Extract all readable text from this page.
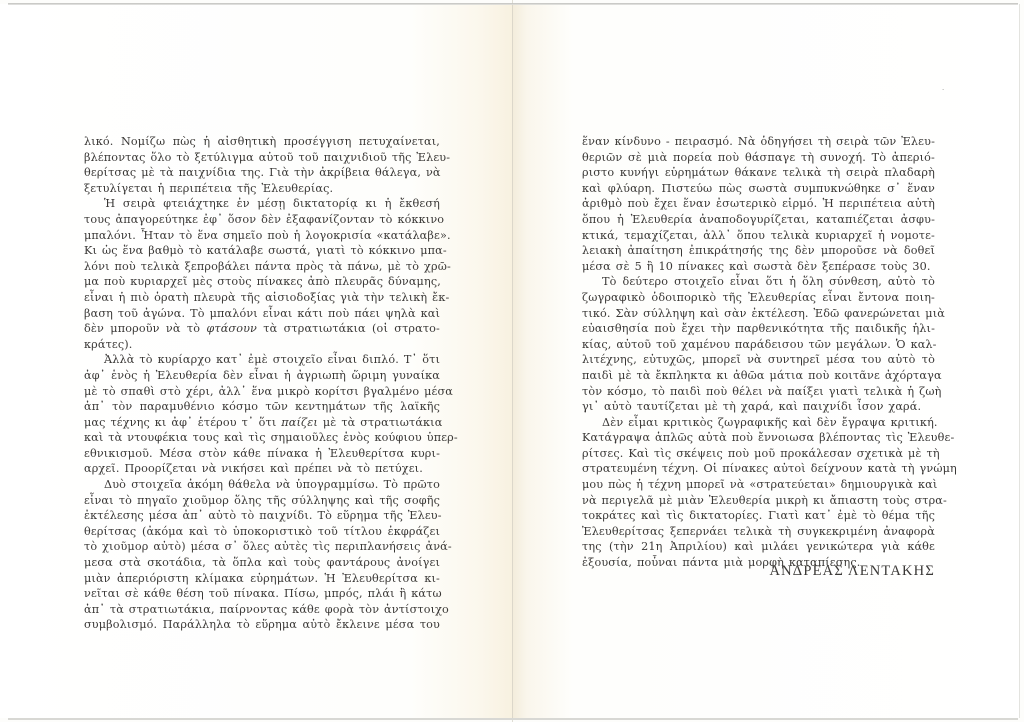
·
λικό. Νομίζω πὼς ἡ αἰσθητικὴ προσέγγιση πετυχαίνεται,
βλέποντας ὅλο τὸ ξετύλιγμα αὐτοῦ τοῦ παιχνιδιοῦ τῆς Ἐλευ-
θερίτσας μὲ τὰ παιχνίδια της. Γιὰ τὴν ἀκρίβεια θάλεγα, νὰ
ξετυλίγεται ἡ περιπέτεια τῆς Ἐλευθερίας.
Ἡ σειρὰ φτειάχτηκε ἐν μέσῃ δικτατορίᾳ κι ἡ ἔκθεσή
τους ἀπαγορεύτηκε ἐφ᾿ ὅσον δὲν ἐξαφανίζονταν τὸ κόκκινο
μπαλόνι. Ἦταν τὸ ἕνα σημεῖο ποὺ ἡ λογοκρισία «κατάλαβε».
Κι ὡς ἕνα βαθμὸ τὸ κατάλαβε σωστά, γιατὶ τὸ κόκκινο μπα-
λόνι ποὺ τελικὰ ξεπροβάλει πάντα πρὸς τὰ πάνω, μὲ τὸ χρῶ-
μα ποὺ κυριαρχεῖ μὲς στοὺς πίνακες ἀπὸ πλευρᾶς δύναμης,
εἶναι ἡ πιὸ ὁρατὴ πλευρὰ τῆς αἰσιοδοξίας γιὰ τὴν τελικὴ ἔκ-
βαση τοῦ ἀγώνα. Τὸ μπαλόνι εἶναι κάτι ποὺ πάει ψηλὰ καὶ
δὲν μποροῦν νὰ τὸ φτάσουν τὰ στρατιωτάκια (οἱ στρατο-
κράτες).
Ἀλλὰ τὸ κυρίαρχο κατ᾿ ἐμὲ στοιχεῖο εἶναι διπλό. Τ᾿ ὅτι
ἀφ᾿ ἑνὸς ἡ Ἐλευθερία δὲν εἶναι ἡ ἀγριωπὴ ὥριμη γυναίκα
μὲ τὸ σπαθὶ στὸ χέρι, ἀλλ᾿ ἕνα μικρὸ κορίτσι βγαλμένο μέσα
ἀπ᾿ τὸν παραμυθένιο κόσμο τῶν κεντημάτων τῆς λαϊκῆς
μας τέχνης κι ἀφ᾿ ἑτέρου τ᾿ ὅτι παίζει μὲ τὰ στρατιωτάκια
καὶ τὰ ντουφέκια τους καὶ τὶς σημαιοῦλες ἑνὸς κούφιου ὑπερ-
εθνικισμοῦ. Μέσα στὸν κάθε πίνακα ἡ Ἐλευθερίτσα κυρι-
αρχεῖ. Προορίζεται νὰ νικήσει καὶ πρέπει νὰ τὸ πετύχει.
Δυὸ στοιχεῖα ἀκόμη θάθελα νὰ ὑπογραμμίσω. Τὸ πρῶτο
εἶναι τὸ πηγαῖο χιοῦμορ ὅλης τῆς σύλληψης καὶ τῆς σοφῆς
ἐκτέλεσης μέσα ἀπ᾿ αὐτὸ τὸ παιχνίδι. Τὸ εὕρημα τῆς Ἐλευ-
θερίτσας (ἀκόμα καὶ τὸ ὑποκοριστικὸ τοῦ τίτλου ἐκφράζει
τὸ χιοῦμορ αὐτὸ) μέσα σ᾿ ὅλες αὐτὲς τὶς περιπλανήσεις ἀνά-
μεσα στὰ σκοτάδια, τὰ ὅπλα καὶ τοὺς φαντάρους ἀνοίγει
μιὰν ἀπεριόριστη κλίμακα εὑρημάτων. Ἡ Ἐλευθερίτσα κι-
νεῖται σὲ κάθε θέση τοῦ πίνακα. Πίσω, μπρός, πλάι ἢ κάτω
ἀπ᾿ τὰ στρατιωτάκια, παίρνοντας κάθε φορὰ τὸν ἀντίστοιχο
συμβολισμό. Παράλληλα τὸ εὕρημα αὐτὸ ἔκλεινε μέσα του
ἕναν κίνδυνο - πειρασμό. Νὰ ὁδηγήσει τὴ σειρὰ τῶν Ἐλευ-
θεριῶν σὲ μιὰ πορεία ποὺ θάσπαγε τὴ συνοχή. Τὸ ἀπεριό-
ριστο κυνήγι εὑρημάτων θάκανε τελικὰ τὴ σειρὰ πλαδαρὴ
καὶ φλύαρη. Πιστεύω πὼς σωστὰ συμπυκνώθηκε σ᾿ ἕναν
ἀριθμὸ ποὺ ἔχει ἕναν ἐσωτερικὸ εἱρμό. Ἡ περιπέτεια αὐτὴ
ὅπου ἡ Ἐλευθερία ἀναποδογυρίζεται, καταπιέζεται ἀσφυ-
κτικά, τεμαχίζεται, ἀλλ᾿ ὅπου τελικὰ κυριαρχεῖ ἡ νομοτε-
λειακὴ ἀπαίτηση ἐπικράτησής της δὲν μποροῦσε νὰ δοθεῖ
μέσα σὲ 5 ἢ 10 πίνακες καὶ σωστὰ δὲν ξεπέρασε τοὺς 30.
Τὸ δεύτερο στοιχεῖο εἶναι ὅτι ἡ ὅλη σύνθεση, αὐτὸ τὸ
ζωγραφικὸ ὁδοιπορικὸ τῆς Ἐλευθερίας εἶναι ἔντονα ποιη-
τικό. Σὰν σύλληψη καὶ σὰν ἐκτέλεση. Ἐδῶ φανερώνεται μιὰ
εὐαισθησία ποὺ ἔχει τὴν παρθενικότητα τῆς παιδικῆς ἡλι-
κίας, αὐτοῦ τοῦ χαμένου παράδεισου τῶν μεγάλων. Ὁ καλ-
λιτέχνης, εὐτυχῶς, μπορεῖ νὰ συντηρεῖ μέσα του αὐτὸ τὸ
παιδὶ μὲ τὰ ἔκπληκτα κι ἀθῶα μάτια ποὺ κοιτᾶνε ἀχόρταγα
τὸν κόσμο, τὸ παιδὶ ποὺ θέλει νὰ παίξει γιατὶ τελικὰ ἡ ζωὴ
γι᾿ αὐτὸ ταυτίζεται μὲ τὴ χαρά, καὶ παιχνίδι ἶσον χαρά.
Δὲν εἶμαι κριτικὸς ζωγραφικῆς καὶ δὲν ἔγραψα κριτική.
Κατάγραψα ἁπλῶς αὐτὰ ποὺ ἔννοιωσα βλέποντας τὶς Ἐλευθε-
ρίτσες. Καὶ τὶς σκέψεις ποὺ μοῦ προκάλεσαν σχετικὰ μὲ τὴ
στρατευμένη τέχνη. Οἱ πίνακες αὐτοὶ δείχνουν κατὰ τὴ γνώμη
μου πὼς ἡ τέχνη μπορεῖ νὰ «στρατεύεται» δημιουργικὰ καὶ
νὰ περιγελᾶ μὲ μιὰν Ἐλευθερία μικρὴ κι ἄπιαστη τοὺς στρα-
τοκράτες καὶ τὶς δικτατορίες. Γιατὶ κατ᾿ ἐμὲ τὸ θέμα τῆς
Ἐλευθερίτσας ξεπερνάει τελικὰ τὴ συγκεκριμένη ἀναφορὰ
της (τὴν 21η Ἀπριλίου) καὶ μιλάει γενικώτερα γιὰ κάθε
ἐξουσία, ποὖναι πάντα μιὰ μορφὴ καταπίεσης.
ΑΝΔΡΕΑΣ ΛΕΝΤΑΚΗΣ
